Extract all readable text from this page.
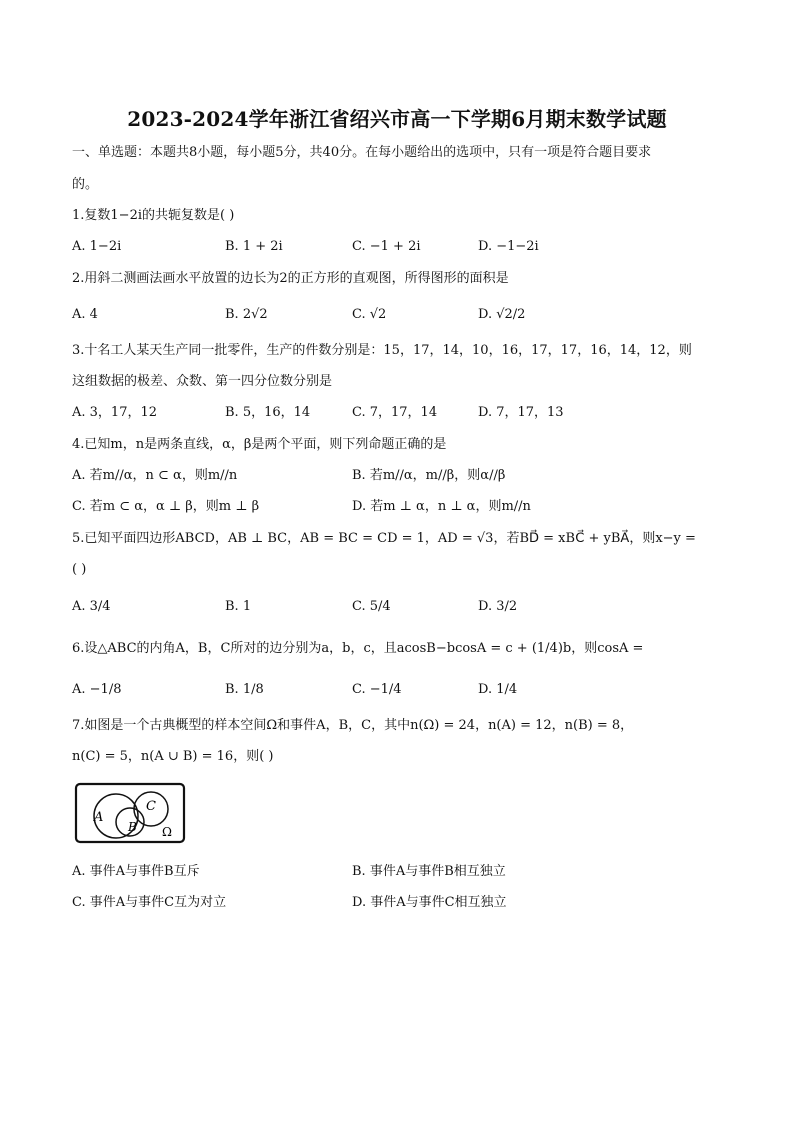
2023-2024学年浙江省绍兴市高一下学期6月期末数学试题
一、单选题：本题共8小题，每小题5分，共40分。在每小题给出的选项中，只有一项是符合题目要求
的。
1.复数1−2i的共轭复数是( )
A. 1−2i	B. 1 + 2i	C. −1 + 2i	D. −1−2i
2.用斜二测画法画水平放置的边长为2的正方形的直观图，所得图形的面积是
A. 4	B. 2√2	C. √2	D. √2/2
3.十名工人某天生产同一批零件，生产的件数分别是：15，17，14，10，16，17，17，16，14，12，则
这组数据的极差、众数、第一四分位数分别是
A. 3，17，12	B. 5，16，14	C. 7，17，14	D. 7，17，13
4.已知m，n是两条直线，α，β是两个平面，则下列命题正确的是
A. 若m//α，n ⊂ α，则m//n	B. 若m//α，m//β，则α//β
C. 若m ⊂ α，α ⊥ β，则m ⊥ β	D. 若m ⊥ α，n ⊥ α，则m//n
5.已知平面四边形ABCD，AB ⊥ BC，AB = BC = CD = 1，AD = √3，若BD⃗ = xBC⃗ + yBA⃗，则x−y =
( )
A. 3/4	B. 1	C. 5/4	D. 3/2
6.设△ABC的内角A，B，C所对的边分别为a，b，c，且acosB−bcosA = c + (1/4)b，则cosA =
A. −1/8	B. 1/8	C. −1/4	D. 1/4
7.如图是一个古典概型的样本空间Ω和事件A，B，C，其中n(Ω) = 24，n(A) = 12，n(B) = 8，
n(C) = 5，n(A ∪ B) = 16，则( )
A
B
C
Ω
A. 事件A与事件B互斥	B. 事件A与事件B相互独立
C. 事件A与事件C互为对立	D. 事件A与事件C相互独立
